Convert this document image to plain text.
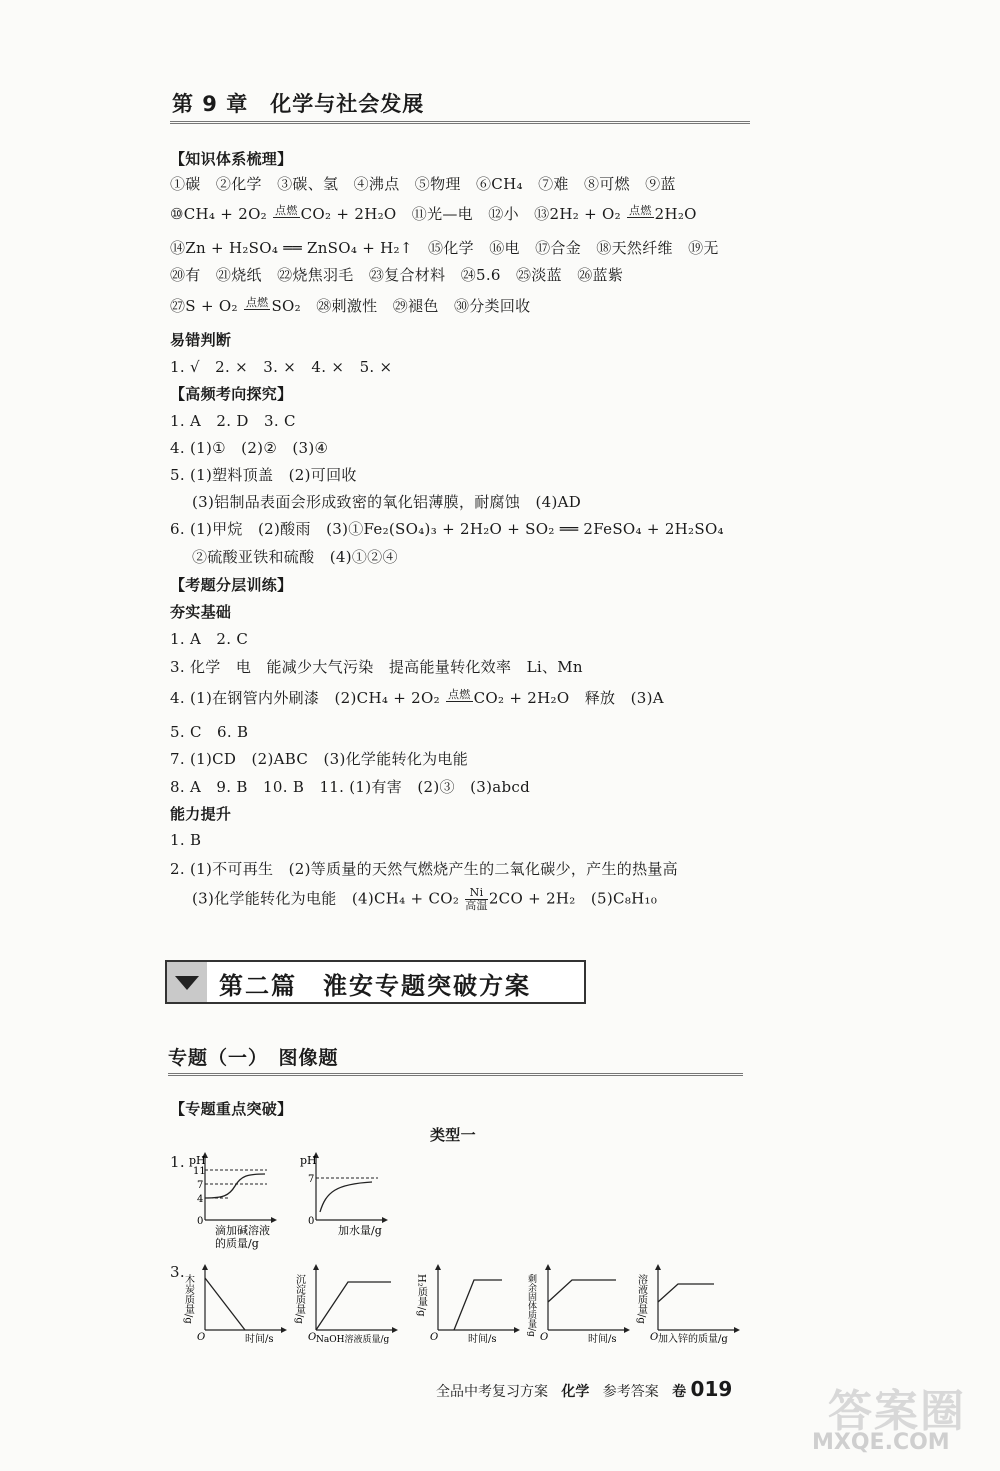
第 9 章　化学与社会发展
【知识体系梳理】
①碳　②化学　③碳、氢　④沸点　⑤物理　⑥CH₄　⑦难　⑧可燃　⑨蓝
⑩CH₄ + 2O₂ 点燃 CO₂ + 2H₂O　⑪光—电　⑫小　⑬2H₂ + O₂ 点燃 2H₂O
⑭Zn + H₂SO₄ ══ ZnSO₄ + H₂↑　⑮化学　⑯电　⑰合金　⑱天然纤维　⑲无
⑳有　㉑烧纸　㉒烧焦羽毛　㉓复合材料　㉔5.6　㉕淡蓝　㉖蓝紫
㉗S + O₂ 点燃 SO₂　㉘刺激性　㉙褪色　㉚分类回收
易错判断
1. √　2. ×　3. ×　4. ×　5. ×
【高频考向探究】
1. A　2. D　3. C
4. (1)①　(2)②　(3)④
5. (1)塑料顶盖　(2)可回收
(3)铝制品表面会形成致密的氧化铝薄膜，耐腐蚀　(4)AD
6. (1)甲烷　(2)酸雨　(3)①Fe₂(SO₄)₃ + 2H₂O + SO₂ ══ 2FeSO₄ + 2H₂SO₄
②硫酸亚铁和硫酸　(4)①②④
【考题分层训练】
夯实基础
1. A　2. C
3. 化学　电　能减少大气污染　提高能量转化效率　Li、Mn
4. (1)在钢管内外刷漆　(2)CH₄ + 2O₂ 点燃 CO₂ + 2H₂O　释放　(3)A
5. C　6. B
7. (1)CD　(2)ABC　(3)化学能转化为电能
8. A　9. B　10. B　11. (1)有害　(2)③　(3)abcd
能力提升
1. B
2. (1)不可再生　(2)等质量的天然气燃烧产生的二氧化碳少，产生的热量高
(3)化学能转化为电能　$(4)CH_4 + CO_2 \frac{Ni}{\text{高温}} 2CO + 2H_2$　(5)C₈H₁₀
第二篇　淮安专题突破方案
专题（一）　图像题
【专题重点突破】
类型一
1.
3.
pH
11
7
4
0
滴加碱溶液
的质量/g
pH
7
0
加水量/g
木炭质量/g
O	时间/s
沉淀质量/g
O NaOH溶液质量/g
H₂质量/g
O	时间/s
剩余固体质量/g
O	时间/s
溶液质量/g
O 加入锌的质量/g
全品中考复习方案 化学 参考答案 卷 019 答案圈
MXQE.COM
